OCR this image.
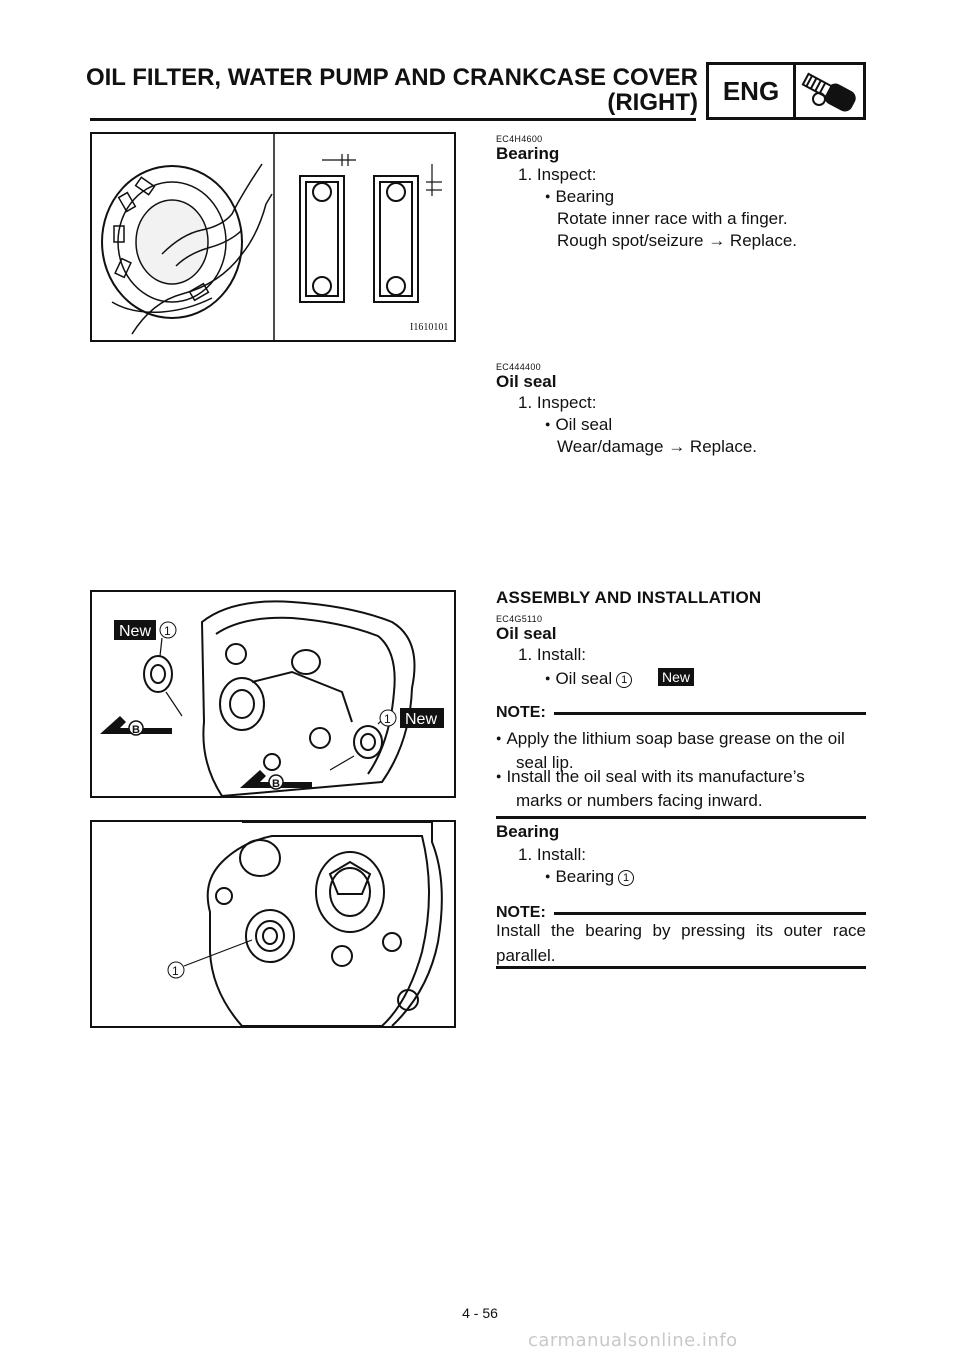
OIL FILTER, WATER PUMP AND CRANKCASE COVER
(RIGHT) ENG
I1610101
New 1
1 New
B
B
1
EC4H4600
Bearing
1. Inspect:
● Bearing
Rotate inner race with a finger.
Rough spot/seizure → Replace.
EC444400
Oil seal
1. Inspect:
● Oil seal
Wear/damage → Replace.
ASSEMBLY AND INSTALLATION
EC4G5110
Oil seal
1. Install:
● Oil seal 1	New
NOTE:
● Apply the lithium soap base grease on the oil
seal lip.
● Install the oil seal with its manufacture’s
marks or numbers facing inward.
Bearing
1. Install:
● Bearing 1
NOTE:
Install the bearing by pressing its outer race
parallel.
4 - 56
carmanualsonline.info
